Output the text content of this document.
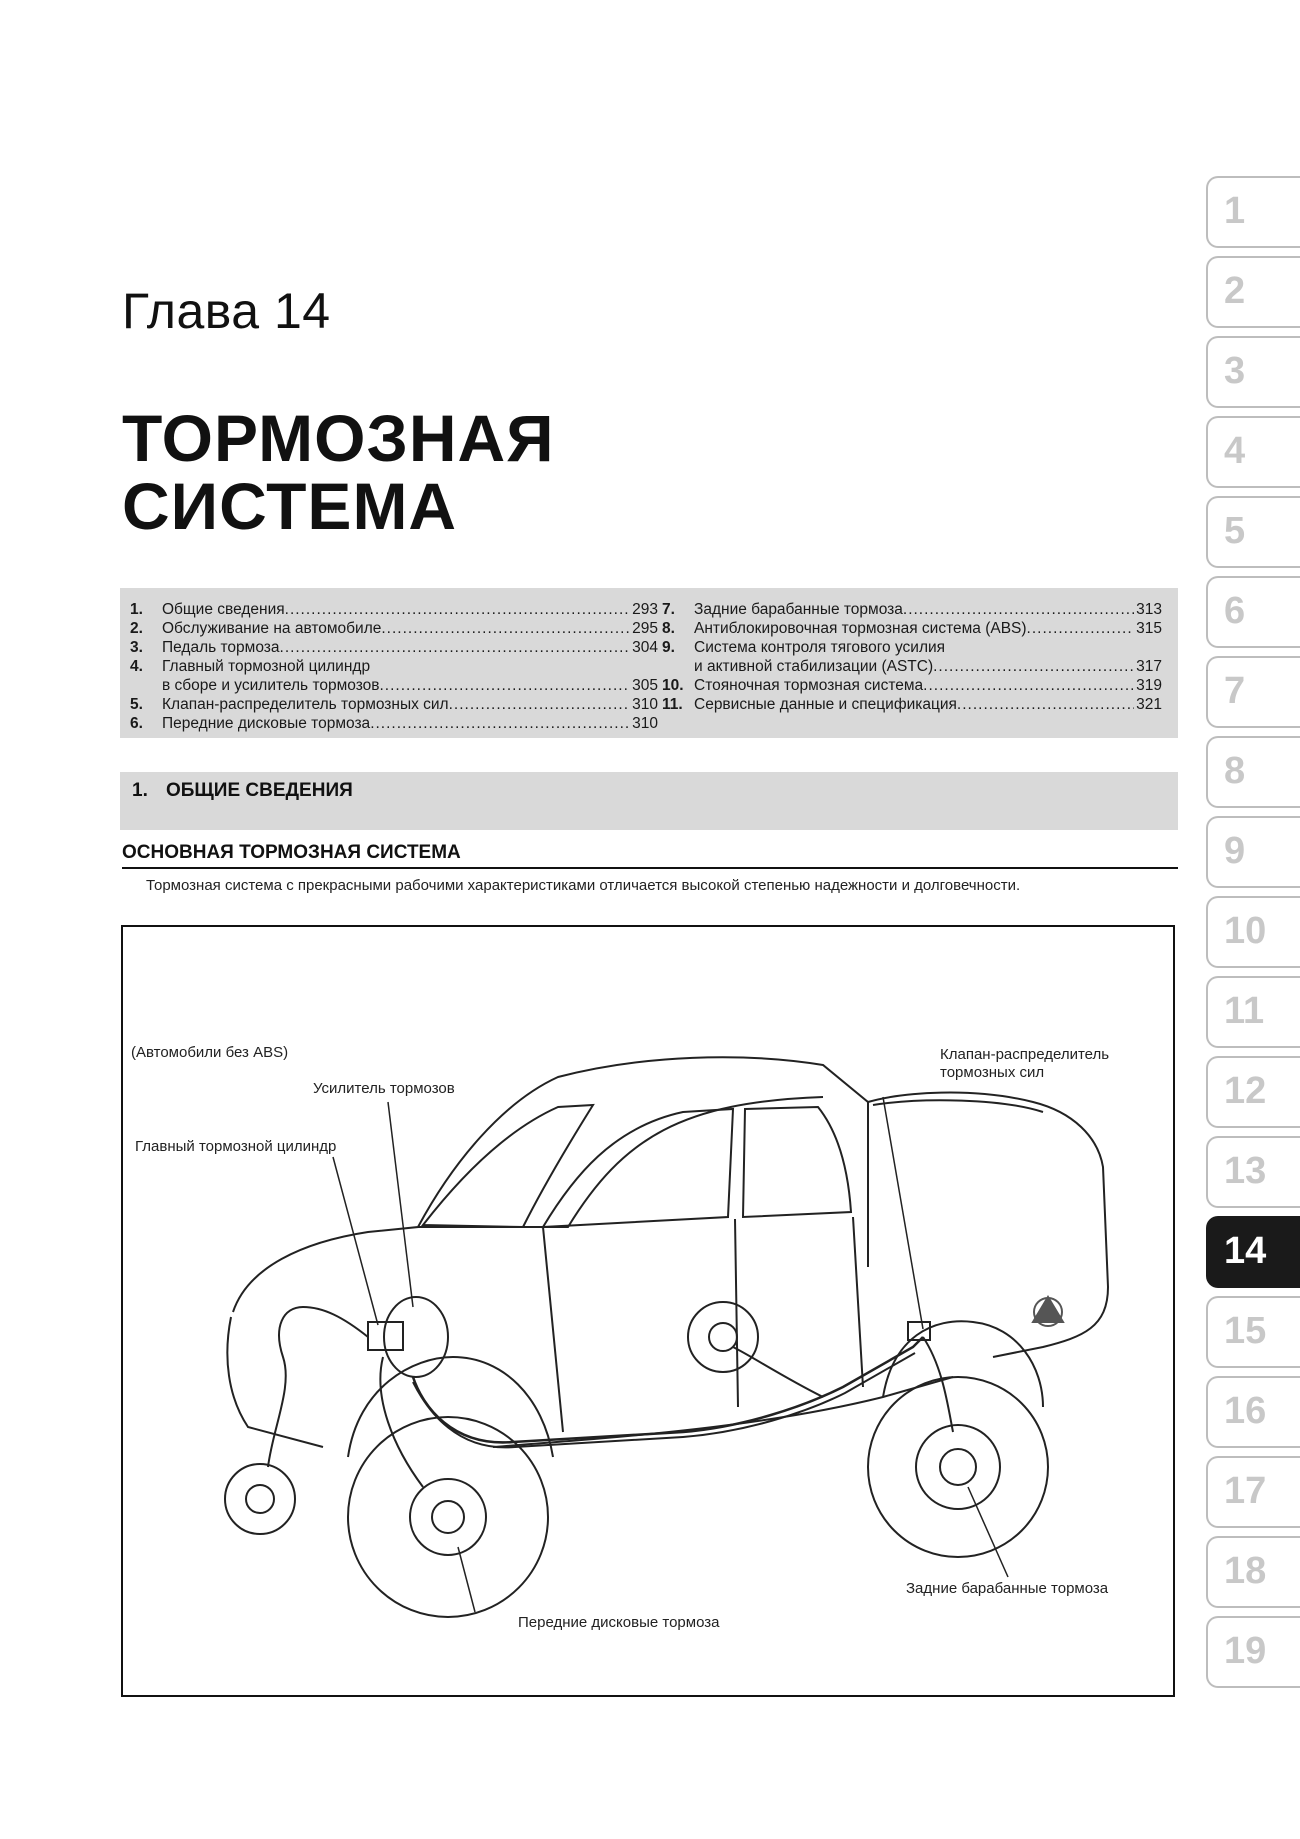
Глава 14
ТОРМОЗНАЯ
СИСТЕМА
1.	Общие сведения .....	293
2.	Обслуживание на автомобиле .....	295
3.	Педаль тормоза .....	304
4.	Главный тормозной цилиндр
в сборе и усилитель тормозов .....	305
5.	Клапан-распределитель тормозных сил .....	310
6.	Передние дисковые тормоза .....	310
7.	Задние барабанные тормоза .....	313
8.	Антиблокировочная тормозная система (ABS) .....	315
9.	Система контроля тягового усилия
и активной стабилизации (ASTC) .....	317
10. Стояночная тормозная система .....	319
11. Сервисные данные и спецификация .....	321
1. ОБЩИЕ СВЕДЕНИЯ
ОСНОВНАЯ ТОРМОЗНАЯ СИСТЕМА
Тормозная система с прекрасными рабочими характеристиками отличается высокой степенью надежности и долговечности.
(Автомобили без ABS)
Усилитель тормозов
Главный тормозной цилиндр
Клапан-распределитель
тормозных сил
Задние барабанные тормоза
Передние дисковые тормоза
1
2
3
4
5
6
7
8
9
10
11
12
13
14
15
16
17
18
19
